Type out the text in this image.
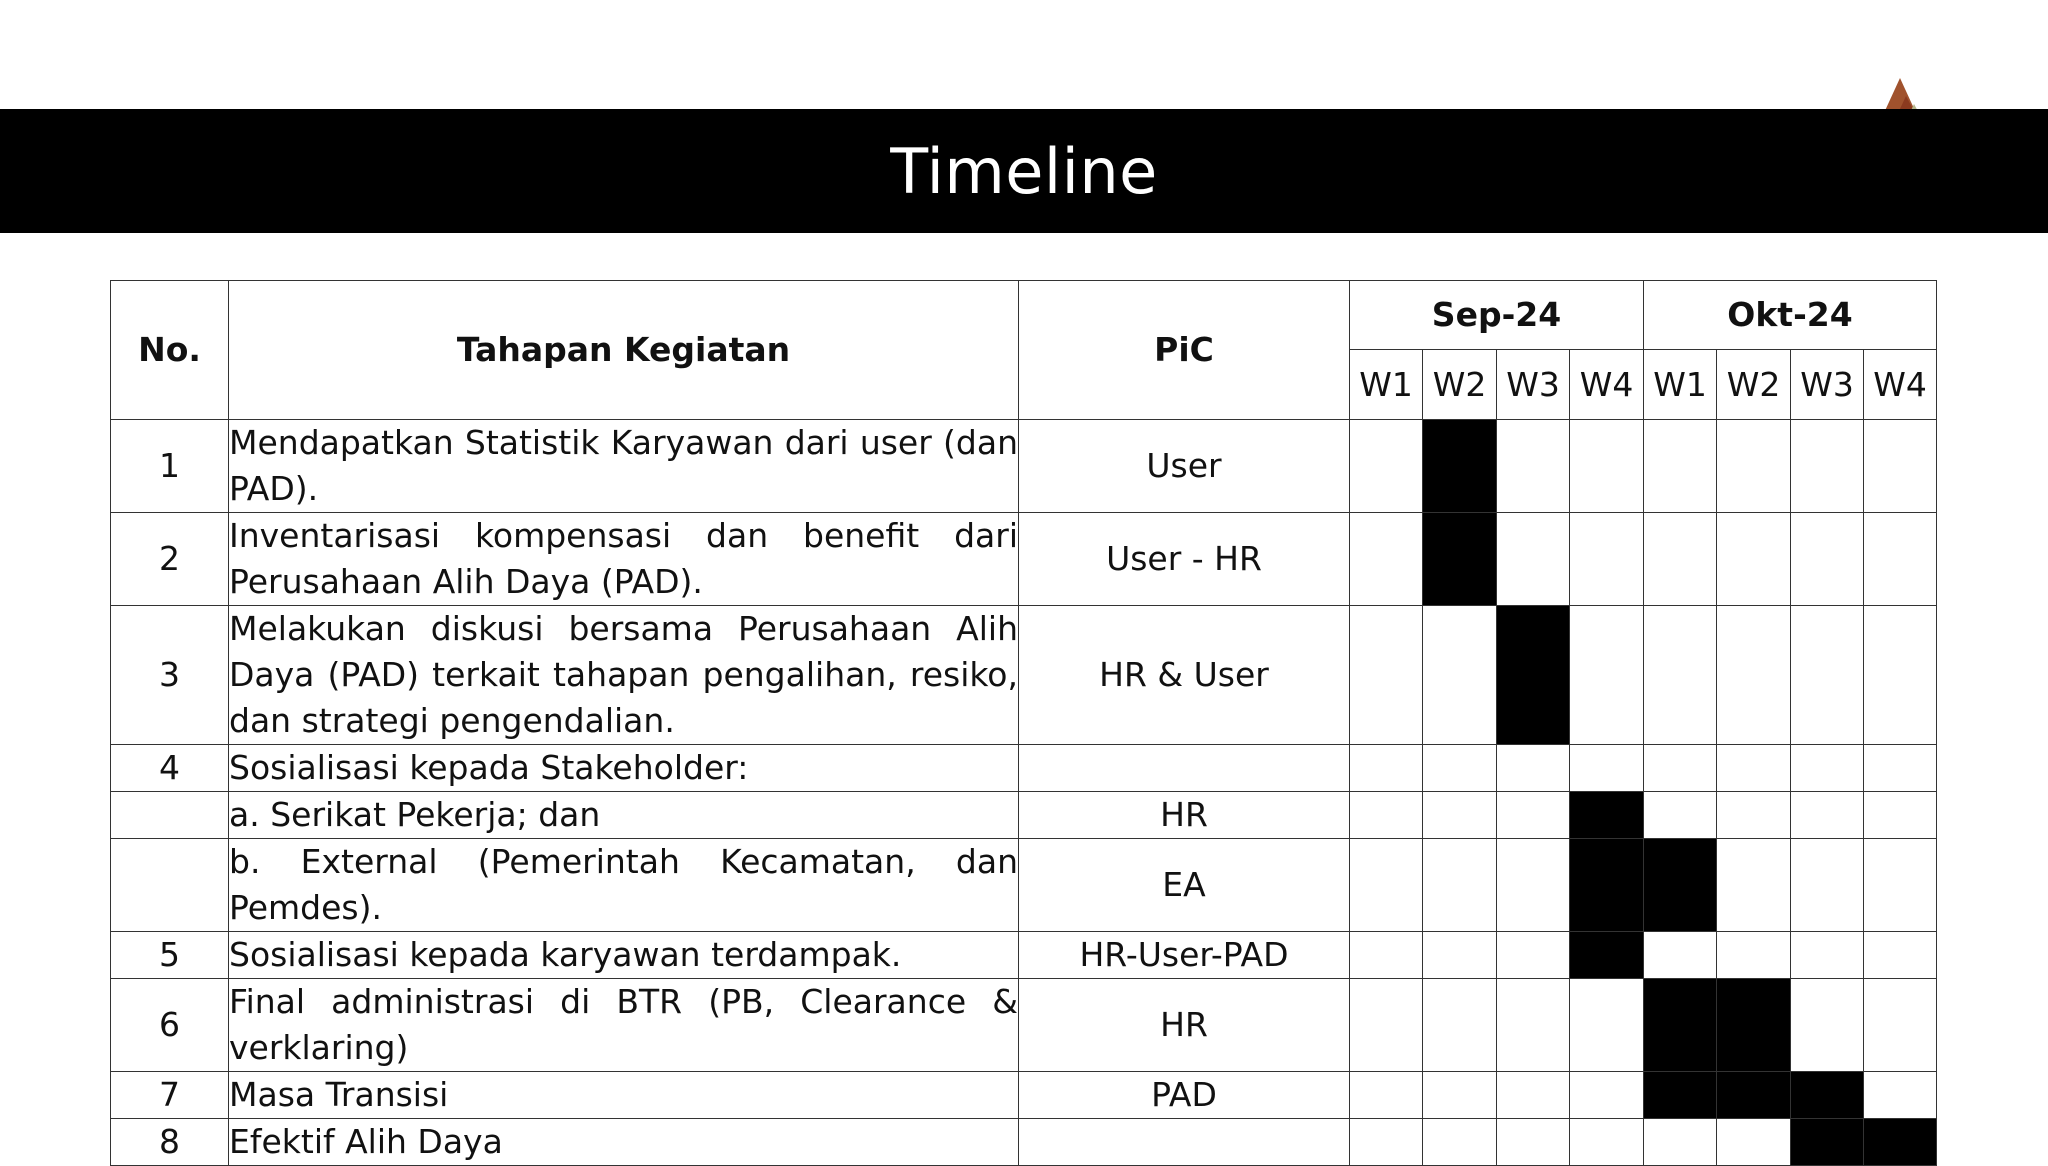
Timeline
No.	Tahapan Kegiatan	PiC	Sep-24				Okt-24			
			W1	W2	W3	W4	W1	W2	W3	W4
1	Mendapatkan Statistik Karyawan dari user (dan PAD).	User								
2	Inventarisasi kompensasi dan benefit dari Perusahaan Alih Daya (PAD).	User - HR								
3	Melakukan diskusi bersama Perusahaan Alih Daya (PAD) terkait tahapan pengalihan, resiko, dan strategi pengendalian.	HR & User								
4	Sosialisasi kepada Stakeholder:									
	a. Serikat Pekerja; dan	HR								
	b. External (Pemerintah Kecamatan, dan Pemdes).	EA								
5	Sosialisasi kepada karyawan terdampak.	HR-User-PAD								
6	Final administrasi di BTR (PB, Clearance & verklaring)	HR								
7	Masa Transisi	PAD								
8	Efektif Alih Daya									
